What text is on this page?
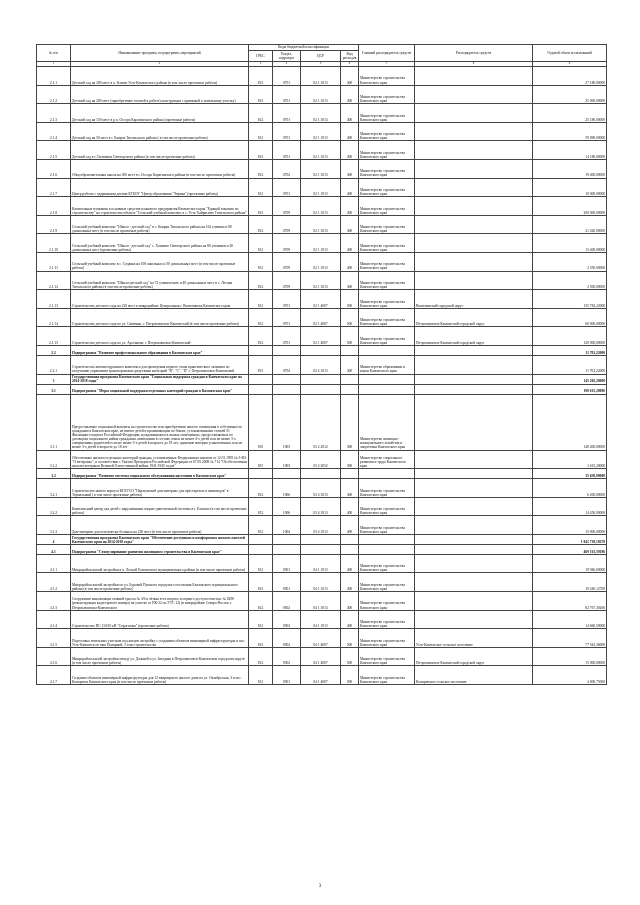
№ п/п	Наименование программ, подпрограмм, мероприятий	Коды бюджетной классификации				Главный распорядитель средств	Распорядитель средств	Годовой объем ассигнований
		ГРБС	Раздел, подраздел	ЦСР	Вид расходов			
1	2	3	4	5	6	7	8	9
2.1.1	Детский сад на 280 мест в п. Ключи Усть-Камчатского района (в том числе проектные работы)	812	0701	02 1 1013	400	Министерство строительства Камчатского края		27 180,00000
2.1.2	Детский сад на 280 мест (приобретение готовой к работе) конструкции с привязкой к земельному участку)	812	0701	02 1 1013	400	Министерство строительства Камчатского края		25 000,00000
2.1.3	Детский сад на 150 мест в р.п. Оссора Карагинского района (проектные работы)	812	0701	02 1 1013	400	Министерство строительства Камчатского края		25 180,00000
2.1.4	Детский сад на 50 мест в с.Хаиров Тигильского района ( в том числе проектные работы)	812	0701	02 1 1013	400	Министерство строительства Камчатского края		59 090,00000
2.1.5	Детский сад в с.Тиличики Олюторского района (в том числе проектные работы)	812	0701	02 1 1013	400	Министерство строительства Камчатского края		14 180,00000
2.1.6	Общеобразовательная школа на 300 мест в с.Оссора Карагинского района (в том числе проектные работы)	812	0702	02 1 1013	400	Министерство строительства Камчатского края		19 400,00000
2.1.7	Центр работы с одаренными детьми КГБОУ "Центр образования "Эврика" (проектные работы)	812	0701	02 1 1013	400	Министерство строительства Камчатского края		10 000,00000
2.1.8	Капитальные вложения в основные средства планового предприятия Камчатского края "Единый заказчик по строительству" на строительство объекта "Сельский учебный комплекс в с. Усть-Хайрюзово Тигильского района"	812	0709	02 1 1013	400	Министерство строительства Камчатского края		200 000,00000
2.1.9	Сельский учебный комплекс "Школа - детский сад" в с. Ковран Тигильского района на 162 ученика и 80 дошкольных мест (в том числе проектные работы)	812	0709	02 1 1013	400	Министерство строительства Камчатского края		21 420,00000
2.1.10	Сельский учебный комплекс "Школа - детский сад" с. Хаилино Олюторского района на 80 учеников и 40 дошкольных мест (проектные работы)	812	0709	02 1 1013	400	Министерство строительства Камчатского края		13 400,00000
2.1.11	Сельский учебный комплекс в с. Седанка на 100 школьных и 50 дошкольных мест (в том числе проектные работы)	812	0709	02 1 1013	400	Министерство строительства Камчатского края		2 550,00000
2.1.12	Сельский учебный комплекс "Школа-детский сад" на 72 ученических и 40 дошкольных мест в с. Лесная Тигильского района (в том числе проектные работы)	812	0709	02 1 1013	400	Министерство строительства Камчатского края		2 500,00000
2.1.13	Строительство детского сада на 220 мест в микрорайоне Центральная г. Вилючинска Камчатского края	812	0701	02 1 4007	500	Министерство строительства Камчатского края	Вилючинский городской округ	135 782,22000
2.1.14	Строительство детского сада по ул. Савченко, г. Петропавловск-Камчатский (в том числе проектные работы)	812	0701	02 1 4007	500	Министерство строительства Камчатского края	Петропавловск-Камчатский городской округ	60 000,00000
2.1.15	Строительство детского сада по ул. Арсеньева, г. Петропавловск-Камчатский	812	0701	02 1 4007	500	Министерство строительства Камчатского края	Петропавловск-Камчатский городской округ	120 000,00000
2.2	Подпрограмма "Развитие профессионального образования в Камчатском крае"							11 702,22000
2.2.1	Строительство автомотодромного комплекса для проведения первого этапа практического экзамена по получению управления транспортными средствами категорий "В", "С", "D" г. Петропавловск-Камчатский	813	0704	02 2 1013	400	Министерство образования и науки Камчатского края		11 702,22000
3	Государственная программа Камчатского края "Социальная поддержка граждан в Камчатском крае на 2014-2018 годы"							145 265,20000
3.1	Подпрограмма "Меры социальной поддержки отдельных категорий граждан в Камчатском крае"							190 615,20000
3.1.1	Предоставление социальной выплаты на строительство или приобретение жилого помещения в собственность гражданам в Камчатском крае, не имеют детей и проживающим по-ближе, установленными статьей 51 Жилищного кодекса Российской Федерации, нуждающимися в жилых помещениях, предоставляемых по договорам социального найма гражданам, имеющими в составе семьи не менее 4-х детей или не менее 3-х совершенных родителей если не менее 3-х детей в возрасте до 18 лет, одинокие матерям усыновленных или не менее 3-х детей в возрасте до 18 лет	810	1003	03 2 2012	300	Министерство жилищно-коммунального хозяйства и энергетики Камчатского края		148 400,00000
3.1.2	Обеспечение жильем отдельных категорий граждан, установленных Федеральным законом от 12.01.1995 № 5-ФЗ "О ветеранах", в соответствии с Указом Президента Российской Федерации от 07.05.2008 № 714 "Об обеспечении жильем ветеранов Великой Отечественной войны 1941-1945 годов"	815	1003	03 2 2052	300	Министерство социального развития и труда Камчатского края		1 615,20000
3.2	Подпрограмма "Развитие системы социального обслуживания населения в Камчатском крае"							35 650,00000
3.2.1	Строительство нового корпуса КГБУСО "Паратунский дом-интернат для престарелых и инвалидов" в Термальный ( в том числе проектные работы)	812	1006	03 4 1013	400	Министерство строительства Камчатского края		6 200,00000
3.2.2	Комплексный центр для детей с нарушениями опорно-двигательной системы в г. Елизово (в том числе проектные работы)	812	1006	03 4 1013	400	Министерство строительства Камчатского края		14 450,00000
3.1.3	Дом-интернат для психически больных на 250 мест (в том числе проектные работы)	812	1004	03 4 1013	400	Министерство строительства Камчатского края		15 000,00000
4	Государственная программа Камчатского края "Обеспечение доступным и комфортным жильем жителей Камчатского края на 2014-2018 годы"							1 841 739,18270
4.1	Подпрограмма "Стимулирование развития жилищного строительства в Камчатском крае"							469 161,59186
4.1.1	Микрорайон жилой застройки в п. Лесной Елизовского муниципального района (в том числе проектные работы)	812	0501	04 1 1013	400	Министерство строительства Камчатского края		19 946,00000
4.1.2	Микрорайон жилой застройки по ул. Буровой Пушного городского поселения Елизовского муниципального района (в том числе проектные работы)	812	0501	04 1 1013	400	Министерство строительства Камчатского края		19 240,12700
4.1.3	Сооружение канализации главной трассы № 3/6 в чёткая есть второго и первого доступа очистки. № 8290 (реконструкция кадастрового номера) на участке от ПК-22 по УТС 12) (в микрорайоне Северо-Восток г. Петропавловска-Камчатского	812	0502	04 1 1013	400	Министерство строительства Камчатского края		82 767,30266
4.1.4	Строительство ПС 110/10 кВ "Сероглазка" (проектные работы)	812	0502	04 1 1013	400	Министерство строительства Камчатского края		14 660,50000
4.1.5	Подготовка земельных участков под жилую застройку с созданием объектов инженерной инфраструктуры в пос. Усть-Камчатск по ваш Полярной, 3 этап строительства	812	0502	04 1 4007	500	Министерство строительства Камчатского края	Усть-Камчатское сельское поселение	77 542,36000
4.1.6	Микрорайон жилой застройки между ул. Дальней и ул. Звездная в Петропавловск-Камчатском городском округе (в том числе проектные работы)	812	0502	04 1 4007	500	Министерство строительства Камчатского края	Петропавловск-Камчатский городской округ	15 000,00000
4.1.7	Создание объектов инженерной инфраструктуры для 12-квартирного жилого дома по ул. Октябрьская, 3 в пос. Козыревск Камчатского края (в том числе проектные работы)	812	0501	04 1 4007	500	Министерство строительства Камчатского края	Козыревское сельское поселение	4 000,75000
3
